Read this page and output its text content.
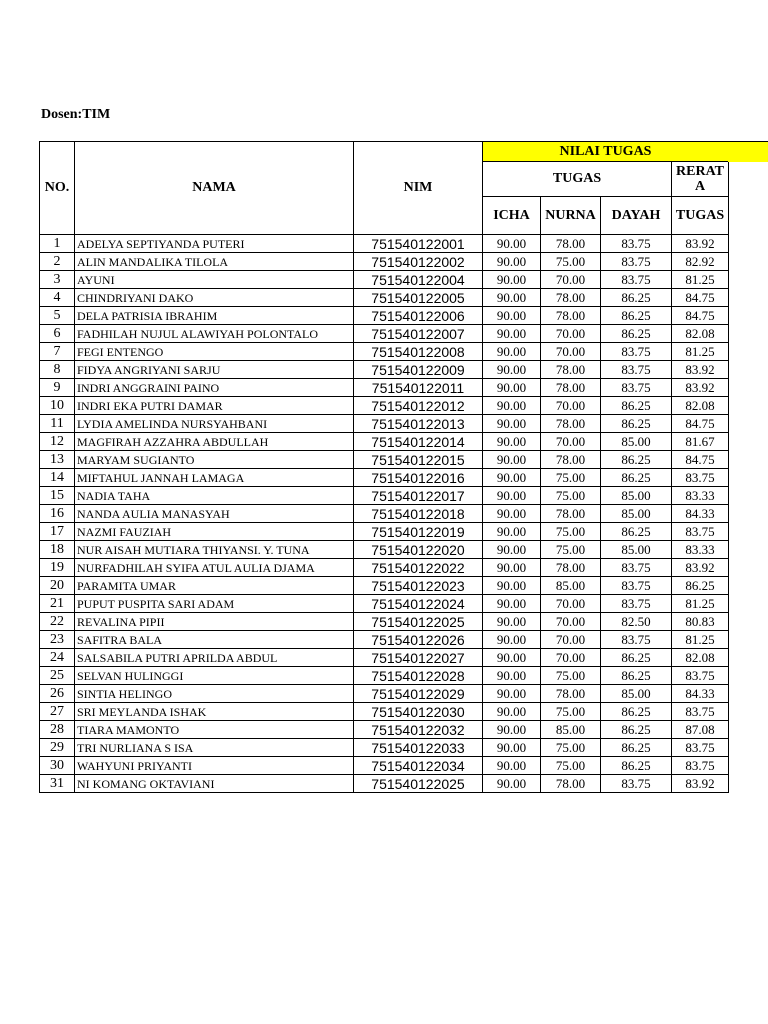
Dosen:TIM
NO.	NAMA	NIM	NILAI TUGAS			

			TUGAS			RERAT
A
			ICHA	NURNA	DAYAH	TUGAS
1	ADELYA SEPTIYANDA PUTERI	751540122001	90.00	78.00	83.75	83.92
2	ALIN MANDALIKA TILOLA	751540122002	90.00	75.00	83.75	82.92
3	AYUNI	751540122004	90.00	70.00	83.75	81.25
4	CHINDRIYANI DAKO	751540122005	90.00	78.00	86.25	84.75
5	DELA PATRISIA IBRAHIM	751540122006	90.00	78.00	86.25	84.75
6	FADHILAH NUJUL ALAWIYAH POLONTALO	751540122007	90.00	70.00	86.25	82.08
7	FEGI ENTENGO	751540122008	90.00	70.00	83.75	81.25
8	FIDYA ANGRIYANI SARJU	751540122009	90.00	78.00	83.75	83.92
9	INDRI ANGGRAINI PAINO	751540122011	90.00	78.00	83.75	83.92
10	INDRI EKA PUTRI DAMAR	751540122012	90.00	70.00	86.25	82.08
11	LYDIA AMELINDA NURSYAHBANI	751540122013	90.00	78.00	86.25	84.75
12	MAGFIRAH AZZAHRA ABDULLAH	751540122014	90.00	70.00	85.00	81.67
13	MARYAM SUGIANTO	751540122015	90.00	78.00	86.25	84.75
14	MIFTAHUL JANNAH LAMAGA	751540122016	90.00	75.00	86.25	83.75
15	NADIA TAHA	751540122017	90.00	75.00	85.00	83.33
16	NANDA AULIA MANASYAH	751540122018	90.00	78.00	85.00	84.33
17	NAZMI FAUZIAH	751540122019	90.00	75.00	86.25	83.75
18	NUR AISAH MUTIARA THIYANSI. Y. TUNA	751540122020	90.00	75.00	85.00	83.33
19	NURFADHILAH SYIFA ATUL AULIA DJAMA	751540122022	90.00	78.00	83.75	83.92
20	PARAMITA UMAR	751540122023	90.00	85.00	83.75	86.25
21	PUPUT PUSPITA SARI ADAM	751540122024	90.00	70.00	83.75	81.25
22	REVALINA PIPII	751540122025	90.00	70.00	82.50	80.83
23	SAFITRA BALA	751540122026	90.00	70.00	83.75	81.25
24	SALSABILA PUTRI APRILDA ABDUL	751540122027	90.00	70.00	86.25	82.08
25	SELVAN HULINGGI	751540122028	90.00	75.00	86.25	83.75
26	SINTIA HELINGO	751540122029	90.00	78.00	85.00	84.33
27	SRI MEYLANDA ISHAK	751540122030	90.00	75.00	86.25	83.75
28	TIARA MAMONTO	751540122032	90.00	85.00	86.25	87.08
29	TRI NURLIANA S ISA	751540122033	90.00	75.00	86.25	83.75
30	WAHYUNI PRIYANTI	751540122034	90.00	75.00	86.25	83.75
31	NI KOMANG OKTAVIANI	751540122025	90.00	78.00	83.75	83.92
